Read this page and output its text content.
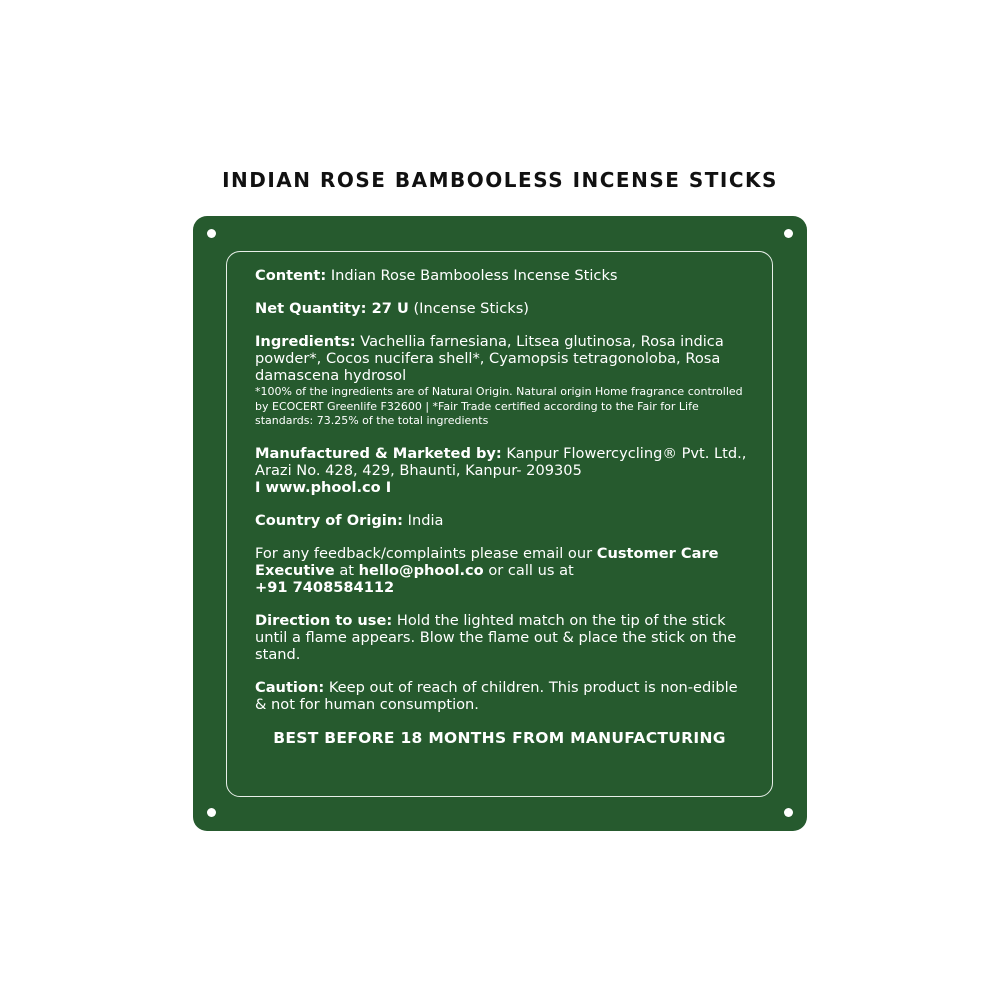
INDIAN ROSE BAMBOOLESS INCENSE STICKS
Content: Indian Rose Bambooless Incense Sticks
Net Quantity: 27 U (Incense Sticks)
Ingredients: Vachellia farnesiana, Litsea glutinosa, Rosa indica powder*, Cocos nucifera shell*, Cyamopsis tetragonoloba, Rosa damascena hydrosol
*100% of the ingredients are of Natural Origin. Natural origin Home fragrance controlled by ECOCERT Greenlife F32600 | *Fair Trade certified according to the Fair for Life standards: 73.25% of the total ingredients
Manufactured & Marketed by: Kanpur Flowercycling® Pvt. Ltd., Arazi No. 428, 429, Bhaunti, Kanpur- 209305
I www.phool.co I
Country of Origin: India
For any feedback/complaints please email our Customer Care Executive at hello@phool.co or call us at
+91 7408584112
Direction to use: Hold the lighted match on the tip of the stick until a flame appears. Blow the flame out & place the stick on the stand.
Caution: Keep out of reach of children. This product is non-edible & not for human consumption.
BEST BEFORE 18 MONTHS FROM MANUFACTURING
